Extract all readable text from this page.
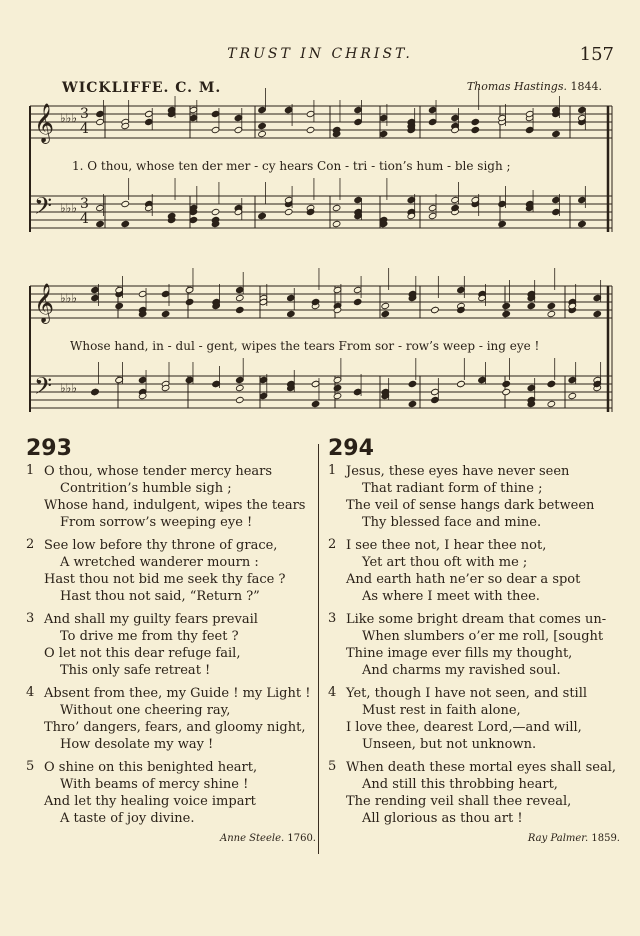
TRUST IN CHRIST.	157
WICKLIFFE. C. M.	Thomas Hastings. 1844.
𝄞
𝄢
𝄞
𝄢
♭♭♭
♭♭♭
♭♭♭
♭♭♭
3
4
3
4
1. O thou, whose ten der mer - cy hears Con - tri - tion’s hum - ble sigh ;
Whose hand, in - dul - gent, wipes the tears From sor - row’s weep - ing eye !
293
1 O thou, whose tender mercy hears
Contrition’s humble sigh ;
Whose hand, indulgent, wipes the tears
From sorrow’s weeping eye !
2 See low before thy throne of grace,
A wretched wanderer mourn :
Hast thou not bid me seek thy face ?
Hast thou not said, “Return ?”
3 And shall my guilty fears prevail
To drive me from thy feet ?
O let not this dear refuge fail,
This only safe retreat !
4 Absent from thee, my Guide ! my Light !
Without one cheering ray,
Thro’ dangers, fears, and gloomy night,
How desolate my way !
5 O shine on this benighted heart,
With beams of mercy shine !
And let thy healing voice impart
A taste of joy divine.
Anne Steele. 1760.
294
1 Jesus, these eyes have never seen
That radiant form of thine ;
The veil of sense hangs dark between
Thy blessed face and mine.
2 I see thee not, I hear thee not,
Yet art thou oft with me ;
And earth hath ne’er so dear a spot
As where I meet with thee.
3 Like some bright dream that comes un-
When slumbers o’er me roll, [sought
Thine image ever fills my thought,
And charms my ravished soul.
4 Yet, though I have not seen, and still
Must rest in faith alone,
I love thee, dearest Lord,—and will,
Unseen, but not unknown.
5 When death these mortal eyes shall seal,
And still this throbbing heart,
The rending veil shall thee reveal,
All glorious as thou art !
Ray Palmer. 1859.
